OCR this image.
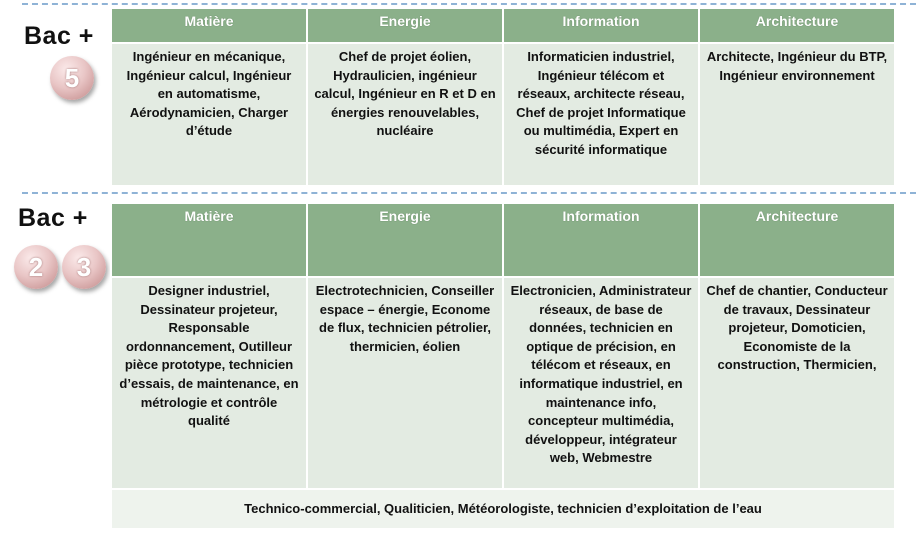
Bac +
5
Matière	Energie	Information	Architecture
Ingénieur en mécanique, Ingénieur calcul, Ingénieur en automatisme, Aérodynamicien, Charger d’étude	Chef de projet éolien, Hydraulicien, ingénieur calcul, Ingénieur en R et D en énergies renouvelables, nucléaire	Informaticien industriel, Ingénieur télécom et réseaux, architecte réseau, Chef de projet Informatique ou multimédia, Expert en sécurité informatique	Architecte, Ingénieur du BTP, Ingénieur environnement
Bac +
2	3
Matière	Energie	Information	Architecture
Designer industriel, Dessinateur projeteur, Responsable ordonnancement, Outilleur pièce prototype, technicien d’essais, de maintenance, en métrologie et contrôle qualité	Electrotechnicien, Conseiller espace – énergie, Econome de flux, technicien pétrolier, thermicien, éolien	Electronicien, Administrateur réseaux, de base de données, technicien en optique de précision, en télécom et réseaux, en informatique industriel, en maintenance info, concepteur multimédia, développeur, intégrateur web, Webmestre	Chef de chantier, Conducteur de travaux, Dessinateur projeteur, Domoticien, Economiste de la construction, Thermicien,
Technico-commercial, Qualiticien, Météorologiste, technicien d’exploitation de l’eau			
